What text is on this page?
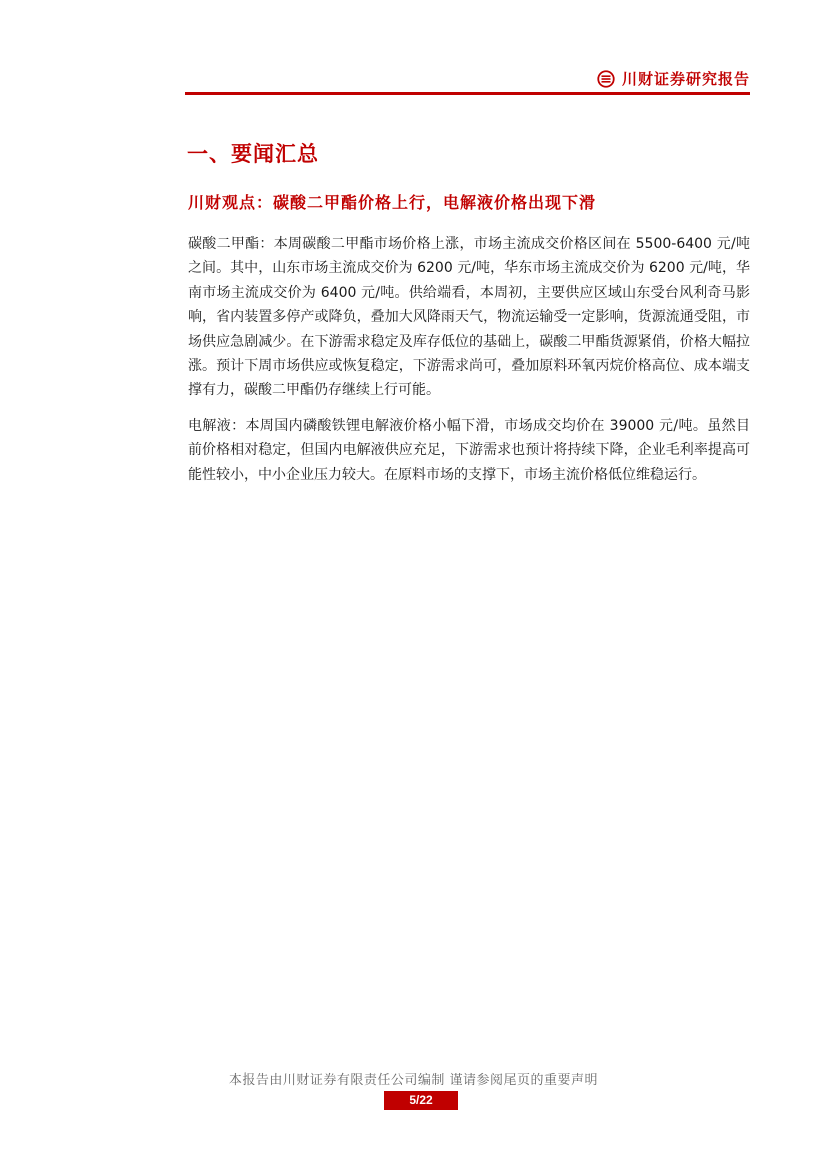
川财证券研究报告
一、要闻汇总
川财观点：碳酸二甲酯价格上行，电解液价格出现下滑

碳酸二甲酯：本周碳酸二甲酯市场价格上涨，市场主流成交价格区间在 5500-6400 元/吨之间。其中，山东市场主流成交价为 6200 元/吨，华东市场主流成交价为 6200 元/吨，华南市场主流成交价为 6400 元/吨。供给端看，本周初，主要供应区域山东受台风利奇马影响，省内装置多停产或降负，叠加大风降雨天气，物流运输受一定影响，货源流通受阻，市场供应急剧减少。在下游需求稳定及库存低位的基础上，碳酸二甲酯货源紧俏，价格大幅拉涨。预计下周市场供应或恢复稳定，下游需求尚可，叠加原料环氧丙烷价格高位、成本端支撑有力，碳酸二甲酯仍存继续上行可能。

电解液：本周国内磷酸铁锂电解液价格小幅下滑，市场成交均价在 39000 元/吨。虽然目前价格相对稳定，但国内电解液供应充足，下游需求也预计将持续下降，企业毛利率提高可能性较小，中小企业压力较大。在原料市场的支撑下，市场主流价格低位维稳运行。

本报告由川财证券有限责任公司编制 谨请参阅尾页的重要声明
5/22
